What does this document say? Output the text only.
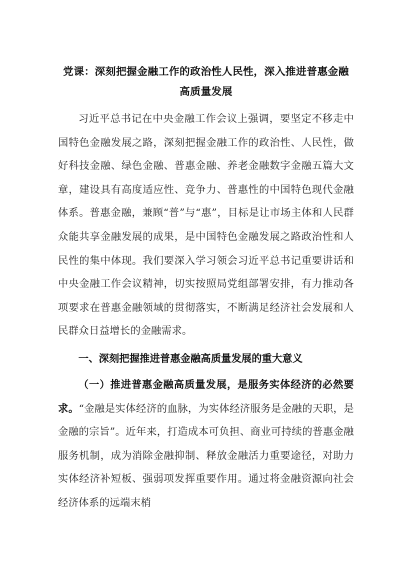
党课：深刻把握金融工作的政治性人民性，深入推进普惠金融高质量发展

习近平总书记在中央金融工作会议上强调，要坚定不移走中国特色金融发展之路，深刻把握金融工作的政治性、人民性，做好科技金融、绿色金融、普惠金融、养老金融数字金融五篇大文章，建设具有高度适应性、竞争力、普惠性的中国特色现代金融体系。普惠金融，兼顾“普”与“惠”，目标是让市场主体和人民群众能共享金融发展的成果，是中国特色金融发展之路政治性和人民性的集中体现。我们要深入学习领会习近平总书记重要讲话和中央金融工作会议精神，切实按照局党组部署安排，有力推动各项要求在普惠金融领域的贯彻落实，不断满足经济社会发展和人民群众日益增长的金融需求。

一、深刻把握推进普惠金融高质量发展的重大意义

（一）推进普惠金融高质量发展，是服务实体经济的必然要求。“金融是实体经济的血脉，为实体经济服务是金融的天职，是金融的宗旨”。近年来，打造成本可负担、商业可持续的普惠金融服务机制，成为消除金融抑制、释放金融活力重要途径，对助力实体经济补短板、强弱项发挥重要作用。通过将金融资源向社会经济体系的远端末梢
